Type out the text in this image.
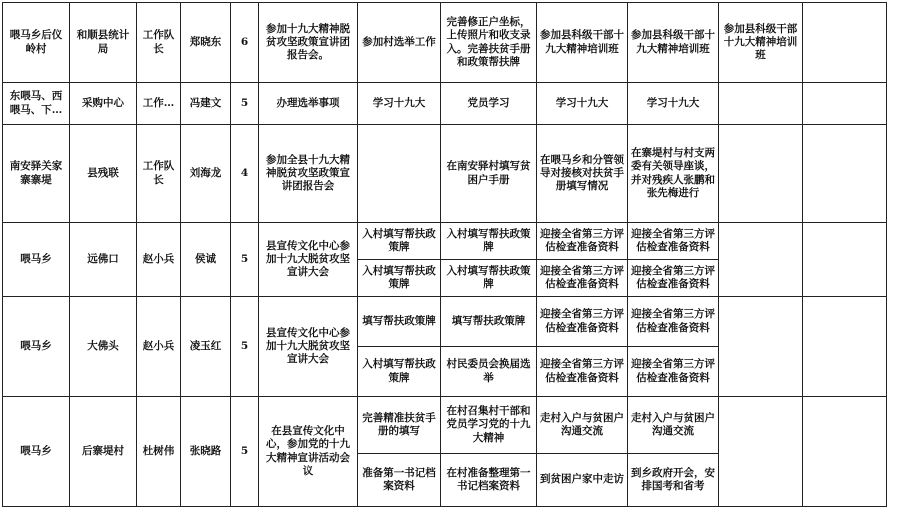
喂马乡后仪岭村	和顺县统计局	工作队长	郑晓东	6	参加十九大精神脱贫攻坚政策宣讲团报告会。	参加村选举工作	完善修正户坐标，上传照片和收支录入。完善扶贫手册和政策帮扶牌	参加县科级干部十九大精神培训班	参加县科级干部十九大精神培训班	参加县科级干部十九大精神培训班	
东喂马、西喂马、下…	采购中心	工作…	冯建文	5	办理选举事项	学习十九大	党员学习	学习十九大	学习十九大		
南安驿关家寨寨堤	县残联	工作队长	刘海龙	4	参加全县十九大精神脱贫攻坚政策宣讲团报告会		在南安驿村填写贫困户手册	在喂马乡和分管领导对接核对扶贫手册填写情况	在寨堤村与村支两委有关领导座谈，并对残疾人张鹏和张先梅进行		
喂马乡	远佛口	赵小兵	侯诚	5	县宣传文化中心参加十九大脱贫攻坚宣讲大会	入村填写帮扶政策牌	入村填写帮扶政策牌	迎接全省第三方评估检查准备资料	迎接全省第三方评估检查准备资料		
						入村填写帮扶政策牌	入村填写帮扶政策牌	迎接全省第三方评估检查准备资料	迎接全省第三方评估检查准备资料		
喂马乡	大佛头	赵小兵	凌玉红	5	县宣传文化中心参加十九大脱贫攻坚宣讲大会	填写帮扶政策牌	填写帮扶政策牌	迎接全省第三方评估检查准备资料	迎接全省第三方评估检查准备资料		
						入村填写帮扶政策牌	村民委员会换届选举	迎接全省第三方评估检查准备资料	迎接全省第三方评估检查准备资料		
喂马乡	后寨堤村	杜树伟	张晓路	5	在县宣传文化中心，参加党的十九大精神宣讲活动会议	完善精准扶贫手册的填写	在村召集村干部和党员学习党的十九大精神	走村入户与贫困户沟通交流	走村入户与贫困户沟通交流		
						准备第一书记档案资料	在村准备整理第一书记档案资料	到贫困户家中走访	到乡政府开会，安排国考和省考		
